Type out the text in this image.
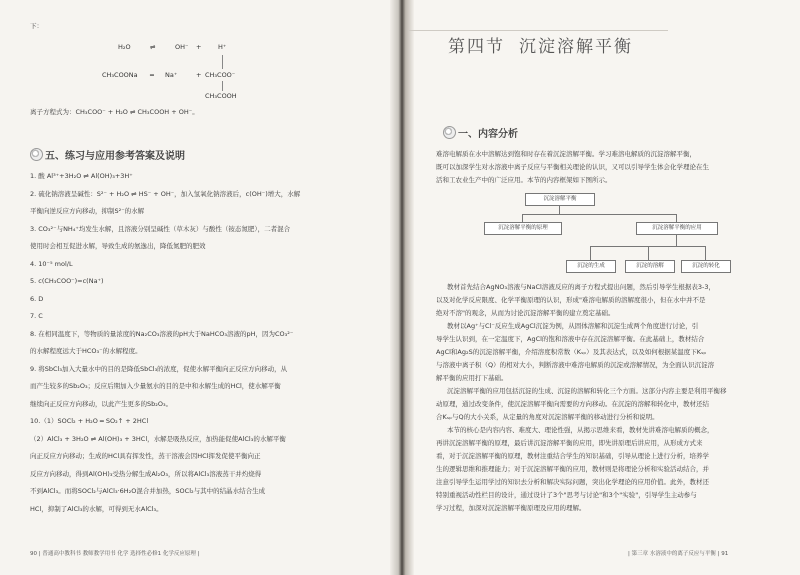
下：
H₂O	⇌	OH⁻ +	H⁺
CH₃COONa ═ Na⁺	+ CH₃COO⁻
CH₃COOH
离子方程式为：CH₃COO⁻ + H₂O ⇌ CH₃COOH + OH⁻。
五、练习与应用参考答案及说明
1. 酸 Al³⁺+3H₂O ⇌ Al(OH)₃+3H⁺
2. 硫化钠溶液呈碱性：S²⁻ + H₂O ⇌ HS⁻ + OH⁻，加入氢氧化钠溶液后，c(OH⁻)增大，水解
平衡向逆反应方向移动，抑制S²⁻的水解
3. CO₃²⁻与NH₄⁺均发生水解，且溶液分别呈碱性（草木灰）与酸性（铵态氮肥），二者混合
使用时会相互促进水解，导致生成的氨逸出，降低氮肥的肥效
4. 10⁻⁵ mol/L
5. c(CH₃COO⁻)=c(Na⁺)
6. D
7. C
8. 在相同温度下，等物质的量浓度的Na₂CO₃溶液的pH大于NaHCO₃溶液的pH，因为CO₃²⁻
的水解程度远大于HCO₃⁻的水解程度。
9. 将SbCl₃加入大量水中的目的是降低SbCl₃的浓度，促使水解平衡向正反应方向移动，从
而产生较多的Sb₂O₃；反应后期加入少量氨水的目的是中和水解生成的HCl，使水解平衡
继续向正反应方向移动，以此产生更多的Sb₂O₃。
10.（1）SOCl₂ + H₂O ═ SO₂↑ + 2HCl
（2）AlCl₃ + 3H₂O ⇌ Al(OH)₃ + 3HCl，水解是吸热反应，加热能促使AlCl₃的水解平衡
向正反应方向移动；生成的HCl具有挥发性，蒸干溶液会因HCl挥发促使平衡向正
反应方向移动，得到Al(OH)₃受热分解生成Al₂O₃，所以将AlCl₃溶液蒸干并灼烧得
不到AlCl₃。而将SOCl₂与AlCl₃·6H₂O混合并加热，SOCl₂与其中的结晶水结合生成
HCl，抑制了AlCl₃的水解，可得到无水AlCl₃。
90 | 普通高中教科书 教师教学用书 化学 选择性必修1 化学反应原理 |
第四节 沉淀溶解平衡
一、内容分析
难溶电解质在水中溶解达到饱和时存在着沉淀溶解平衡。学习难溶电解质的沉淀溶解平衡，
既可以加深学生对水溶液中离子反应与平衡相关理论的认识，又可以引导学生体会化学理论在生
活和工农业生产中的广泛应用。本节的内容框架如下图所示。
沉淀溶解平衡
沉淀溶解平衡的原理	沉淀溶解平衡的应用
沉淀的生成	沉淀的溶解	沉淀的转化
教材首先结合AgNO₃溶液与NaCl溶液反应的离子方程式提出问题，然后引导学生根据表3-3，
以及对化学反应限度、化学平衡原理的认识，形成"难溶电解质的溶解度很小，但在水中并不是
绝对不溶"的观念，从而为讨论沉淀溶解平衡的建立奠定基础。
教材以Ag⁺与Cl⁻反应生成AgCl沉淀为例，从固体溶解和沉淀生成两个角度进行讨论，引
导学生认识到，在一定温度下，AgCl的饱和溶液中存在沉淀溶解平衡。在此基础上，教材结合
AgCl和Ag₂S的沉淀溶解平衡，介绍溶度积常数（Kₛₚ）及其表达式，以及如何根据某温度下Kₛₚ
与溶液中离子积（Q）的相对大小，判断溶液中难溶电解质的沉淀或溶解情况，为全面认识沉淀溶
解平衡的应用打下基础。
沉淀溶解平衡的应用包括沉淀的生成、沉淀的溶解和转化三个方面。这部分内容主要是利用平衡移
动原理，通过改变条件，使沉淀溶解平衡向需要的方向移动。在沉淀的溶解和转化中，教材还结
合Kₛₚ与Q的大小关系，从定量的角度对沉淀溶解平衡的移动进行分析和说明。
本节的核心是内容内容、难度大、理论性强，从揭示思维来看，教材先讲难溶电解质的概念，
再讲沉淀溶解平衡的原理，最后讲沉淀溶解平衡的应用，即先讲原理后讲应用，从形成方式来
看，对于沉淀溶解平衡的原理，教材注重结合学生的知识基础，引导从理论上进行分析，培养学
生的逻辑思维和推理能力；对于沉淀溶解平衡的应用，教材则是将理论分析和实验活动结合，并
注意引导学生运用学过的知识去分析和解决实际问题，突出化学理论的应用价值。此外，教材还
特别重视活动性栏目的设计，通过设计了3个"思考与讨论"和3个"实验"，引导学生主动参与
学习过程，加深对沉淀溶解平衡原理及应用的理解。
| 第三章 水溶液中的离子反应与平衡 | 91
